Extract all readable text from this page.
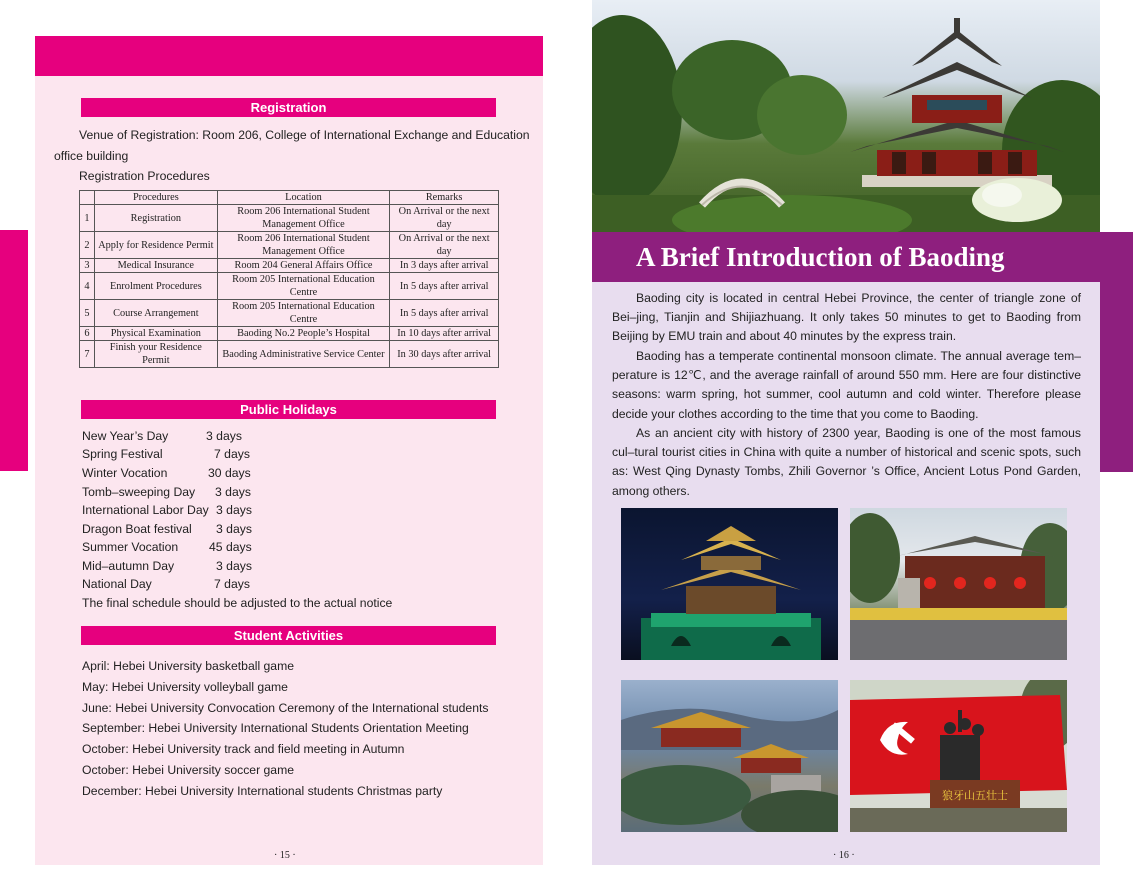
Registration
Venue of Registration: Room 206, College of International Exchange and Education
office building
Registration Procedures
	Procedures	Location	Remarks
1	Registration	Room 206 International Student Management Office	On Arrival or the next day
2	Apply for Residence Permit	Room 206 International Student Management Office	On Arrival or the next day
3	Medical Insurance	Room 204 General Affairs Office	In 3 days after arrival
4	Enrolment Procedures	Room 205 International Education Centre	In 5 days after arrival
5	Course Arrangement	Room 205 International Education Centre	In 5 days after arrival
6	Physical Examination	Baoding No.2 People’s Hospital	In 10 days after arrival
7	Finish your Residence Permit	Baoding Administrative Service Center	In 30 days after arrival
Public Holidays
New Year’s Day	3 days
Spring Festival	7 days
Winter Vocation	30 days
Tomb–sweeping Day 3 days
International Labor Day 3 days
Dragon Boat festival 3 days
Summer Vocation	45 days
Mid–autumn Day	3 days
National Day	7 days
The final schedule should be adjusted to the actual notice
Student Activities
April: Hebei University basketball game
May: Hebei University volleyball game
June: Hebei University Convocation Ceremony of the International students
September: Hebei University International Students Orientation Meeting
October: Hebei University track and field meeting in Autumn
October: Hebei University soccer game
December: Hebei University International students Christmas party
· 15 ·
A Brief Introduction of Baoding

Baoding city is located in central Hebei Province, the center of triangle zone of Bei–jing, Tianjin and Shijiazhuang. It only takes 50 minutes to get to Baoding from Beijing by EMU train and about 40 minutes by the express train.

Baoding has a temperate continental monsoon climate. The annual average tem–perature is 12℃, and the average rainfall of around 550 mm. Here are four distinctive seasons: warm spring, hot summer, cool autumn and cold winter. Therefore please decide your clothes according to the time that you come to Baoding.

As an ancient city with history of 2300 year, Baoding is one of the most famous cul–tural tourist cities in China with quite a number of historical and scenic spots, such as: West Qing Dynasty Tombs, Zhili Governor ’s Office, Ancient Lotus Pond Garden, among others.

狼牙山五壮士
· 16 ·
